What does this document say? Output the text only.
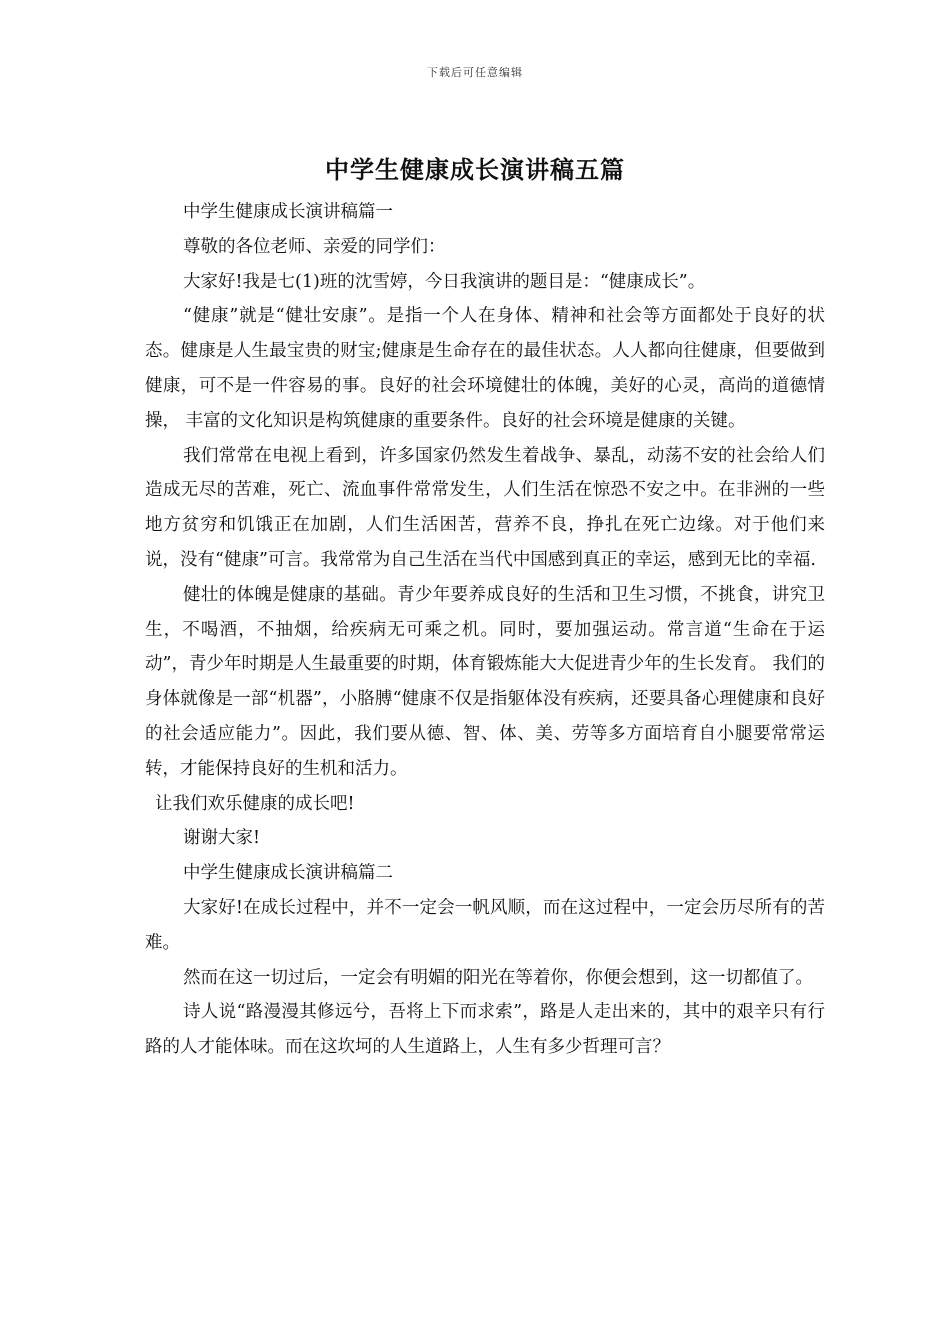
下载后可任意编辑
中学生健康成长演讲稿五篇

中学生健康成长演讲稿篇一

尊敬的各位老师、亲爱的同学们：

大家好!我是七(1)班的沈雪婷，今日我演讲的题目是：“健康成长”。

“健康”就是“健壮安康”。是指一个人在身体、精神和社会等方面都处于良好的状态。健康是人生最宝贵的财宝;健康是生命存在的最佳状态。人人都向往健康，但要做到健康，可不是一件容易的事。良好的社会环境健壮的体魄，美好的心灵，高尚的道德情操， 丰富的文化知识是构筑健康的重要条件。良好的社会环境是健康的关键。

我们常常在电视上看到，许多国家仍然发生着战争、暴乱，动荡不安的社会给人们造成无尽的苦难，死亡、流血事件常常发生，人们生活在惊恐不安之中。在非洲的一些地方贫穷和饥饿正在加剧，人们生活困苦，营养不良，挣扎在死亡边缘。对于他们来说，没有“健康”可言。我常常为自己生活在当代中国感到真正的幸运，感到无比的幸福.

健壮的体魄是健康的基础。青少年要养成良好的生活和卫生习惯，不挑食，讲究卫生，不喝酒，不抽烟，给疾病无可乘之机。同时，要加强运动。常言道“生命在于运动”，青少年时期是人生最重要的时期，体育锻炼能大大促进青少年的生长发育。 我们的身体就像是一部“机器”，小胳膊“健康不仅是指躯体没有疾病，还要具备心理健康和良好的社会适应能力”。因此，我们要从德、智、体、美、劳等多方面培育自小腿要常常运转，才能保持良好的生机和活力。

让我们欢乐健康的成长吧!

谢谢大家!

中学生健康成长演讲稿篇二

大家好!在成长过程中，并不一定会一帆风顺，而在这过程中，一定会历尽所有的苦难。

然而在这一切过后，一定会有明媚的阳光在等着你，你便会想到，这一切都值了。

诗人说“路漫漫其修远兮，吾将上下而求索”，路是人走出来的，其中的艰辛只有行路的人才能体味。而在这坎坷的人生道路上，人生有多少哲理可言？
